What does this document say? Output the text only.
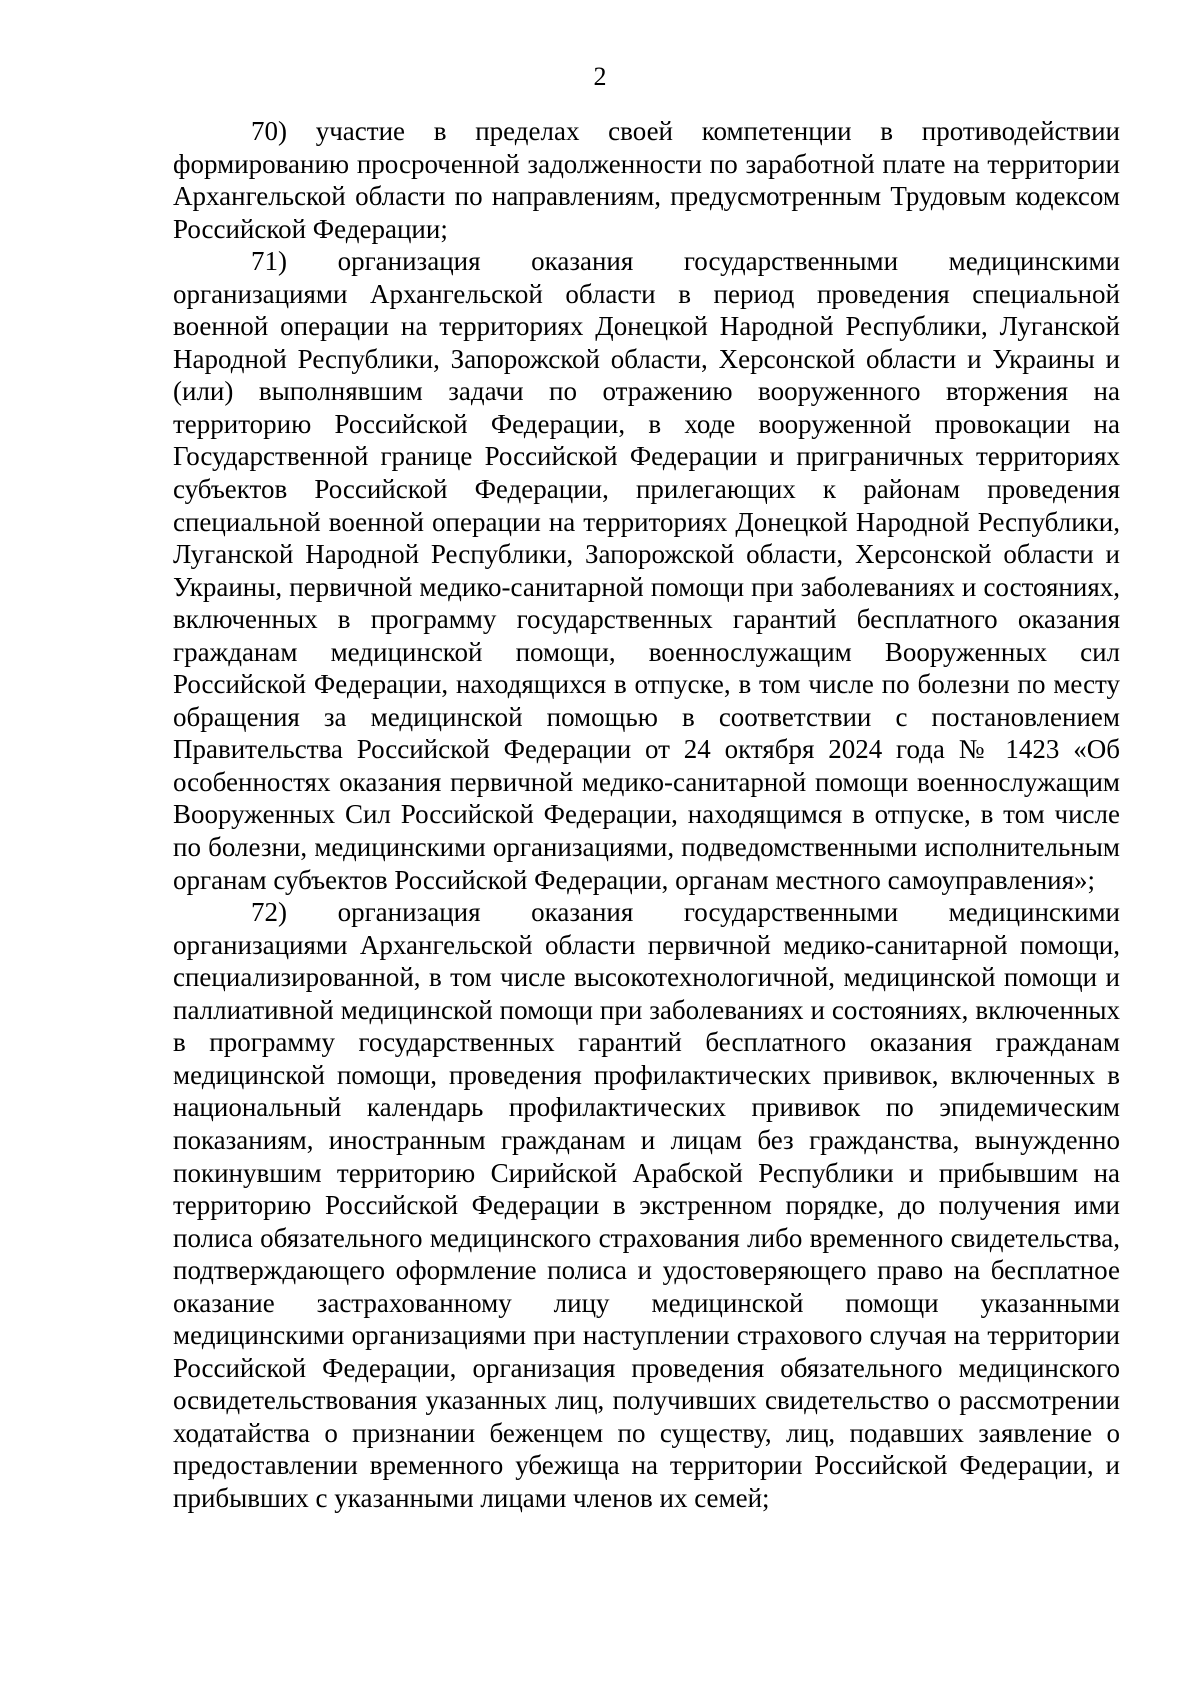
2

70) участие в пределах своей компетенции в противодействии формированию просроченной задолженности по заработной плате на территории Архангельской области по направлениям, предусмотренным Трудовым кодексом Российской Федерации;

71) организация оказания государственными медицинскими организациями Архангельской области в период проведения специальной военной операции на территориях Донецкой Народной Республики, Луганской Народной Республики, Запорожской области, Херсонской области и Украины и (или) выполнявшим задачи по отражению вооруженного вторжения на территорию Российской Федерации, в ходе вооруженной провокации на Государственной границе Российской Федерации и приграничных территориях субъектов Российской Федерации, прилегающих к районам проведения специальной военной операции на территориях Донецкой Народной Республики, Луганской Народной Республики, Запорожской области, Херсонской области и Украины, первичной медико-санитарной помощи при заболеваниях и состояниях, включенных в программу государственных гарантий бесплатного оказания гражданам медицинской помощи, военнослужащим Вооруженных сил Российской Федерации, находящихся в отпуске, в том числе по болезни по месту обращения за медицинской помощью в соответствии с постановлением Правительства Российской Федерации от 24 октября 2024 года № 1423 «Об особенностях оказания первичной медико-санитарной помощи военнослужащим Вооруженных Сил Российской Федерации, находящимся в отпуске, в том числе по болезни, медицинскими организациями, подведомственными исполнительным органам субъектов Российской Федерации, органам местного самоуправления»;

72) организация оказания государственными медицинскими организациями Архангельской области первичной медико-санитарной помощи, специализированной, в том числе высокотехнологичной, медицинской помощи и паллиативной медицинской помощи при заболеваниях и состояниях, включенных в программу государственных гарантий бесплатного оказания гражданам медицинской помощи, проведения профилактических прививок, включенных в национальный календарь профилактических прививок по эпидемическим показаниям, иностранным гражданам и лицам без гражданства, вынужденно покинувшим территорию Сирийской Арабской Республики и прибывшим на территорию Российской Федерации в экстренном порядке, до получения ими полиса обязательного медицинского страхования либо временного свидетельства, подтверждающего оформление полиса и удостоверяющего право на бесплатное оказание застрахованному лицу медицинской помощи указанными медицинскими организациями при наступлении страхового случая на территории Российской Федерации, организация проведения обязательного медицинского освидетельствования указанных лиц, получивших свидетельство о рассмотрении ходатайства о признании беженцем по существу, лиц, подавших заявление о предоставлении временного убежища на территории Российской Федерации, и прибывших с указанными лицами членов их семей;
